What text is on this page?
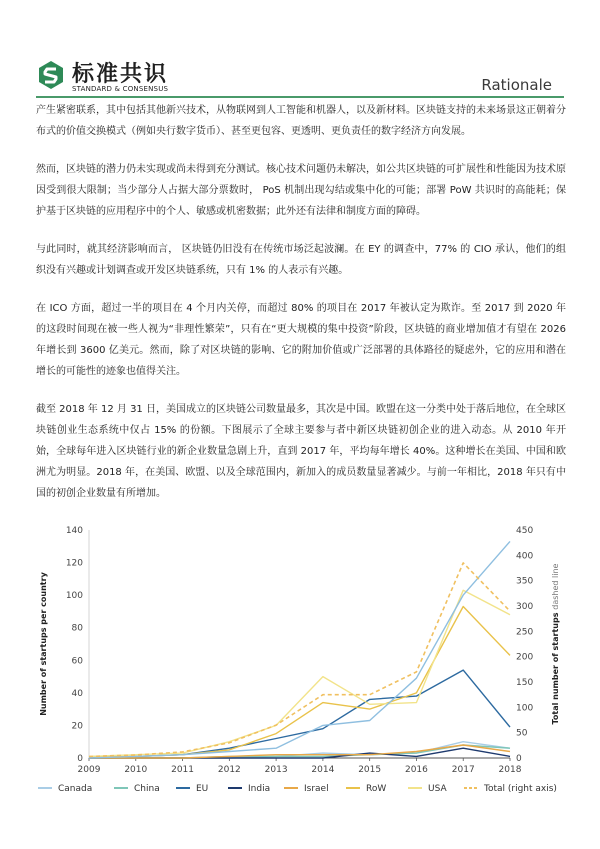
标准共识
STANDARD & CONSENSUS	Rationale

产生紧密联系，其中包括其他新兴技术，从物联网到人工智能和机器人，以及新材料。区块链支持的未来场景这正朝着分布式的价值交换模式（例如央行数字货币）、甚至更包容、更透明、更负责任的数字经济方向发展。

然而，区块链的潜力仍未实现或尚未得到充分测试。核心技术问题仍未解决，如公共区块链的可扩展性和性能因为技术原因受到很大限制；当少部分人占据大部分票数时， PoS 机制出现勾结或集中化的可能；部署 PoW 共识时的高能耗；保护基于区块链的应用程序中的个人、敏感或机密数据；此外还有法律和制度方面的障碍。

与此同时，就其经济影响而言， 区块链仍旧没有在传统市场泛起波澜。在 EY 的调查中，77% 的 CIO 承认，他们的组织没有兴趣或计划调查或开发区块链系统，只有 1% 的人表示有兴趣。

在 ICO 方面，超过一半的项目在 4 个月内关停，而超过 80% 的项目在 2017 年被认定为欺诈。至 2017 到 2020 年的这段时间现在被一些人视为“非理性繁荣”，只有在“更大规模的集中投资”阶段，区块链的商业增加值才有望在 2026 年增长到 3600 亿美元。然而，除了对区块链的影响、它的附加价值或广泛部署的具体路径的疑虑外，它的应用和潜在增长的可能性的迹象也值得关注。

截至 2018 年 12 月 31 日，美国成立的区块链公司数量最多，其次是中国。欧盟在这一分类中处于落后地位，在全球区块链创业生态系统中仅占 15% 的份额。下图展示了全球主要参与者中新区块链初创企业的进入动态。从 2010 年开始，全球每年进入区块链行业的新企业数量急剧上升，直到 2017 年，平均每年增长 40%。这种增长在美国、中国和欧洲尤为明显。2018 年，在美国、欧盟、以及全球范围内，新加入的成员数量显著减少。与前一年相比，2018 年只有中国的初创企业数量有所增加。

0
20
40
60
80
100
120
140
0
50
100
150
200
250
300
350
400
450
2009	2010	2011	2012	2013	2014	2015	2016	2017	2018
Number of startups per country	Total number of startups dashed line
Canada	China	EU	India	Israel	RoW	USA	Total (right axis)
